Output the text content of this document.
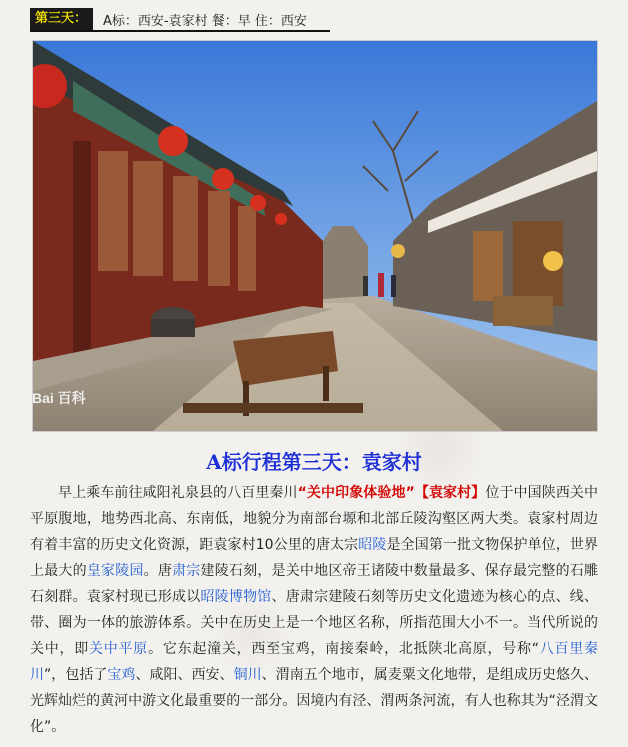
第三天：	A标：西安-袁家村 餐：早 住：西安
Bai 百科
A标行程第三天：袁家村
早上乘车前往咸阳礼泉县的八百里秦川“关中印象体验地”【袁家村】位于中国陕西关中平原腹地，地势西北高、东南低，地貌分为南部台塬和北部丘陵沟壑区两大类。袁家村周边有着丰富的历史文化资源，距袁家村10公里的唐太宗昭陵是全国第一批文物保护单位，世界上最大的皇家陵园。唐肃宗建陵石刻，是关中地区帝王诸陵中数量最多、保存最完整的石雕石刻群。袁家村现已形成以昭陵博物馆、唐肃宗建陵石刻等历史文化遗迹为核心的点、线、带、圈为一体的旅游体系。关中在历史上是一个地区名称，所指范围大小不一。当代所说的关中，即关中平原。它东起潼关，西至宝鸡，南接秦岭，北抵陕北高原，号称“八百里秦川”，包括了宝鸡、咸阳、西安、铜川、渭南五个地市，属麦粟文化地带，是组成历史悠久、光辉灿烂的黄河中游文化最重要的一部分。因境内有泾、渭两条河流，有人也称其为“泾渭文化”。
